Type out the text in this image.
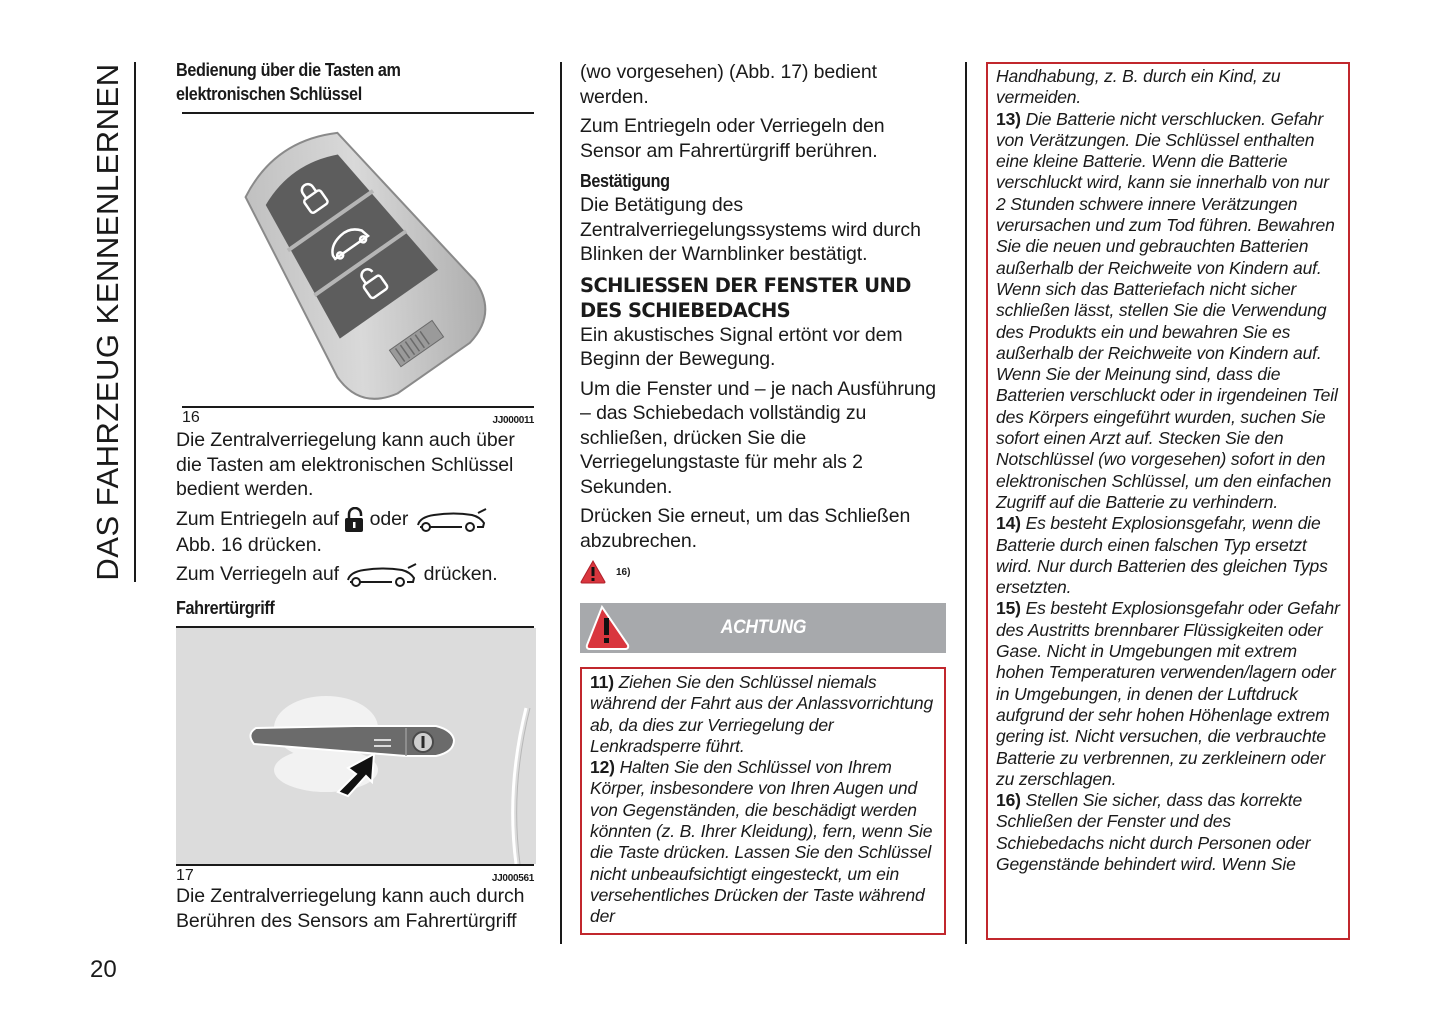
DAS FAHRZEUG KENNENLERNEN
20
Bedienung über die Tasten am
elektronischen Schlüssel
16	JJ000011

Die Zentralverriegelung kann auch über die Tasten am elektronischen Schlüssel bedient werden.

Zum Entriegeln auf oder
Abb. 16 drücken.

Zum Verriegeln auf	drücken.

Fahrertürgriff
17	JJ000561

Die Zentralverriegelung kann auch durch Berühren des Sensors am Fahrertürgriff

(wo vorgesehen) (Abb. 17) bedient werden.

Zum Entriegeln oder Verriegeln den Sensor am Fahrertürgriff berühren.

Bestätigung

Die Betätigung des Zentralverriegelungssystems wird durch Blinken der Warnblinker bestätigt.

SCHLIESSEN DER FENSTER UND
DES SCHIEBEDACHS

Ein akustisches Signal ertönt vor dem Beginn der Bewegung.

Um die Fenster und – je nach Ausführung – das Schiebedach vollständig zu schließen, drücken Sie die Verriegelungstaste für mehr als 2 Sekunden.

Drücken Sie erneut, um das Schließen abzubrechen.

16)
ACHTUNG
11) Ziehen Sie den Schlüssel niemals während der Fahrt aus der Anlassvorrichtung ab, da dies zur Verriegelung der Lenkradsperre führt.
12) Halten Sie den Schlüssel von Ihrem Körper, insbesondere von Ihren Augen und von Gegenständen, die beschädigt werden könnten (z. B. Ihrer Kleidung), fern, wenn Sie die Taste drücken. Lassen Sie den Schlüssel nicht unbeaufsichtigt eingesteckt, um ein versehentliches Drücken der Taste während der
Handhabung, z. B. durch ein Kind, zu vermeiden.
13) Die Batterie nicht verschlucken. Gefahr von Verätzungen. Die Schlüssel enthalten eine kleine Batterie. Wenn die Batterie verschluckt wird, kann sie innerhalb von nur 2 Stunden schwere innere Verätzungen verursachen und zum Tod führen. Bewahren Sie die neuen und gebrauchten Batterien außerhalb der Reichweite von Kindern auf. Wenn sich das Batteriefach nicht sicher schließen lässt, stellen Sie die Verwendung des Produkts ein und bewahren Sie es außerhalb der Reichweite von Kindern auf. Wenn Sie der Meinung sind, dass die Batterien verschluckt oder in irgendeinen Teil des Körpers eingeführt wurden, suchen Sie sofort einen Arzt auf. Stecken Sie den Notschlüssel (wo vorgesehen) sofort in den elektronischen Schlüssel, um den einfachen Zugriff auf die Batterie zu verhindern.
14) Es besteht Explosionsgefahr, wenn die Batterie durch einen falschen Typ ersetzt wird. Nur durch Batterien des gleichen Typs ersetzten.
15) Es besteht Explosionsgefahr oder Gefahr des Austritts brennbarer Flüssigkeiten oder Gase. Nicht in Umgebungen mit extrem hohen Temperaturen verwenden/lagern oder in Umgebungen, in denen der Luftdruck aufgrund der sehr hohen Höhenlage extrem gering ist. Nicht versuchen, die verbrauchte Batterie zu verbrennen, zu zerkleinern oder zu zerschlagen.
16) Stellen Sie sicher, dass das korrekte Schließen der Fenster und des Schiebedachs nicht durch Personen oder Gegenstände behindert wird. Wenn Sie
